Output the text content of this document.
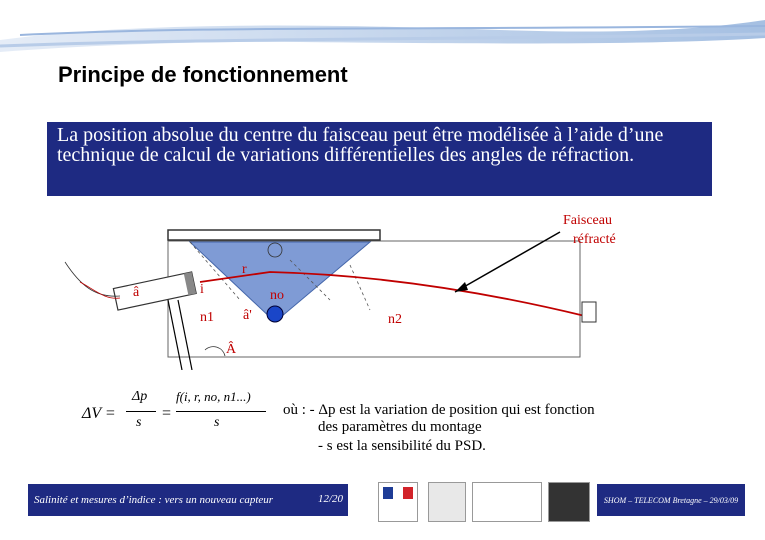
Principe de fonctionnement
La position absolue du centre du faisceau peut être modélisée à l’aide d’une technique de calcul de variations différentielles des angles de réfraction.
Faisceau
réfracté
r
â	i	no
n1 â'	n2
Â
ΔV =
Δp
s
=
f(i, r, no, n1...)
s
où : - Δp est la variation de position qui est fonction
des paramètres du montage
- s est la sensibilité du PSD.
Salinité et mesures d’indice : vers un nouveau capteur	12/20	SHOM – TELECOM Bretagne – 29/03/09
